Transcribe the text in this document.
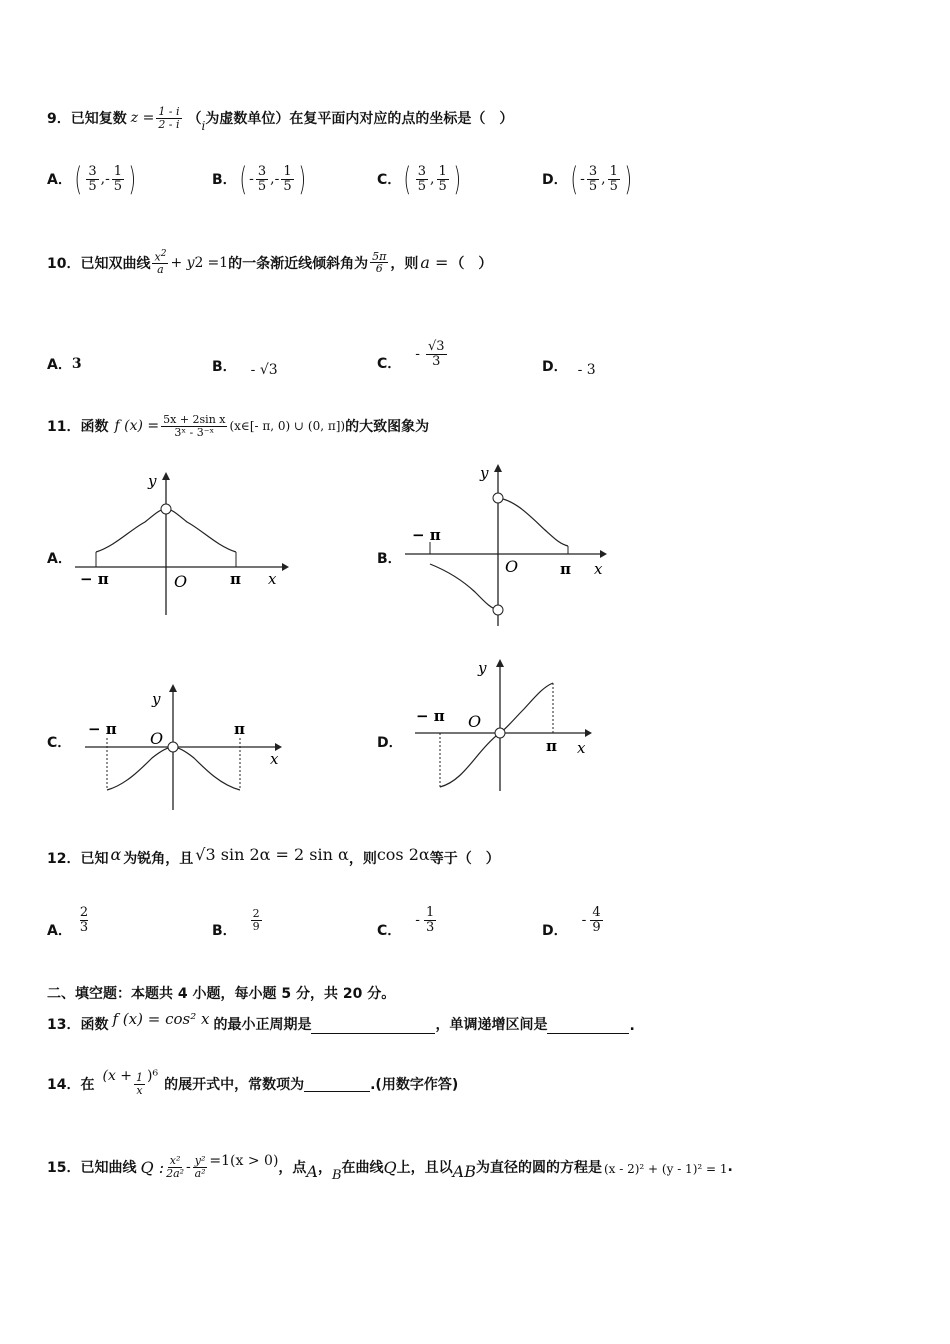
9． 已知复数 $z = \frac{1 - i}{2 - i}$ （ i 为虚数单位）在复平面内对应的点的坐标是（　）
A． ( $\frac{3}{5}$ , - $\frac{1}{5}$ )	B． ( - $\frac{3}{5}$ , - $\frac{1}{5}$ )	C． ( $\frac{3}{5}$ , $\frac{1}{5}$ )	D． ( - $\frac{3}{5}$ , $\frac{1}{5}$ )
10． 已知双曲线 $\frac{x^2}{a} + y$ 2 =1 的一条渐近线倾斜角为 $\frac{5\pi}{6}$ ，则 a = （　）
A． 3	B． - √3	C．
- $\frac{√3}{3}$	D． - 3
11． 函数 f $(x) = \frac{\text{5x + 2sin x}}{\text{3ˣ - 3⁻ˣ}}$ (x∈[- π, 0) ∪ (0, π]) 的大致图象为
A．
y
x
O
− π	π
B．
y
x
O
− π
π
C．
y
x
O
− π	π
D．
y
x
O
− π
π
12． 已知 α 为锐角，且 √3 sin 2α = 2 sin α ，则 cos 2α 等于（　）
A． $\frac{2}{3}$	B． $\frac{2}{9}$	C．
- $\frac{1}{3}$	D．
- $\frac{4}{9}$
二、填空题：本题共 4 小题，每小题 5 分，共 20 分。
13． 函数 f (x) = cos² x 的最小正周期是	，单调递增区间是	.
14． 在
$(x + \frac{1}{x} )^6$
的展开式中，常数项为	.(用数字作答)
15． 已知曲线 Q : $\frac{\text{x²}}{\text{2a²}} - \frac{\text{y²}}{\text{a²}} =1(x > 0)$ ，点 A ， B 在曲线 Q 上，且以 AB 为直径的圆的方程是 (x - 2)² + (y - 1)² = 1 .
